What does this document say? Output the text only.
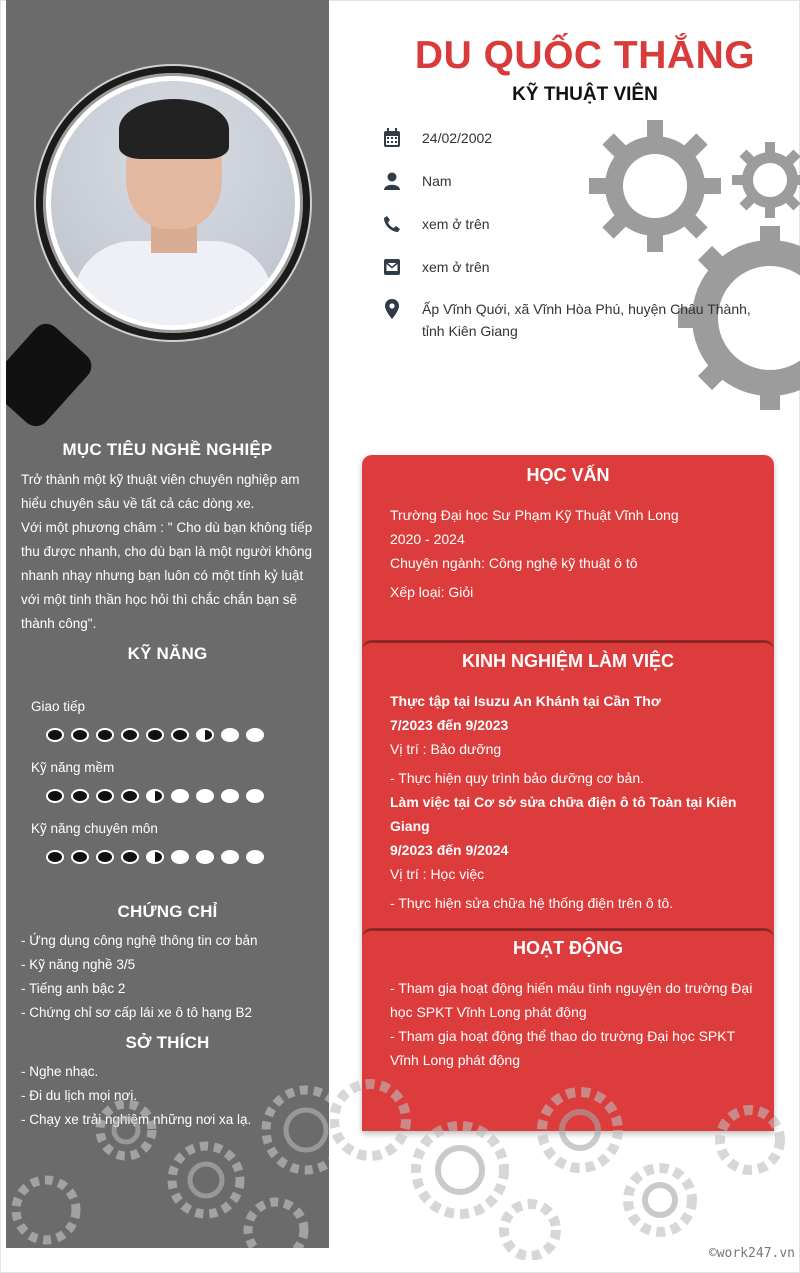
MỤC TIÊU NGHỀ NGHIỆP
Trở thành một kỹ thuật viên chuyên nghiệp am hiểu chuyên sâu về tất cả các dòng xe.
Với một phương châm : " Cho dù bạn không tiếp thu được nhanh, cho dù bạn là một người không nhanh nhạy nhưng bạn luôn có một tính kỷ luật với một tinh thần học hỏi thì chắc chắn bạn sẽ thành công".
KỸ NĂNG
Giao tiếp
Kỹ năng mềm
Kỹ năng chuyên môn
CHỨNG CHỈ
- Ứng dụng công nghệ thông tin cơ bản
- Kỹ năng nghề 3/5
- Tiếng anh bậc 2
- Chứng chỉ sơ cấp lái xe ô tô hạng B2
SỞ THÍCH
- Nghe nhạc.
- Đi du lịch mọi nơi.
- Chạy xe trải nghiệm những nơi xa lạ.
DU QUỐC THẮNG
KỸ THUẬT VIÊN
24/02/2002
Nam
xem ở trên
xem ở trên
Ấp Vĩnh Quới, xã Vĩnh Hòa Phú, huyện Châu Thành, tỉnh Kiên Giang
HỌC VẤN
Trường Đại học Sư Phạm Kỹ Thuật Vĩnh Long
2020 - 2024
Chuyên ngành: Công nghệ kỹ thuật ô tô
Xếp loại: Giỏi
KINH NGHIỆM LÀM VIỆC
Thực tập tại Isuzu An Khánh tại Cần Thơ
7/2023 đến 9/2023
Vị trí : Bảo dưỡng
- Thực hiện quy trình bảo dưỡng cơ bản.
Làm việc tại Cơ sở sửa chữa điện ô tô Toàn tại Kiên Giang
9/2023 đến 9/2024
Vị trí : Học việc
- Thực hiện sửa chữa hệ thống điện trên ô tô.
HOẠT ĐỘNG
- Tham gia hoạt động hiến máu tình nguyện do trường Đại học SPKT Vĩnh Long phát động
- Tham gia hoạt động thể thao do trường Đại học SPKT Vĩnh Long phát động
©work247.vn
